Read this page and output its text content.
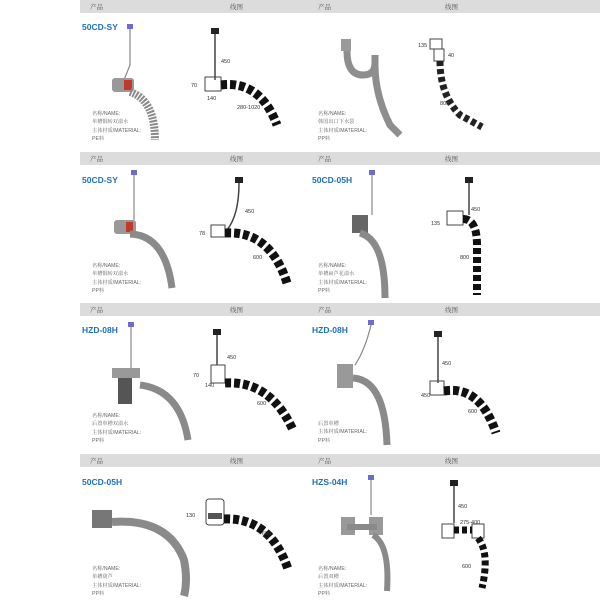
产品	线图	产品	线图
产品	线图	产品	线图
产品	线图	产品	线图
产品	线图	产品	线图
50CD-SY
名称/NAME:
单槽铜转双溢水
主体材质/MATERIAL:
PE料
450
70
140
280-1020
名称/NAME:
韩国出口下水袋
主体材质/MATERIAL:
PP料
135
40
800
50CD-SY
名称/NAME:
单槽铜转双溢水
主体材质/MATERIAL:
PP料
450
78
600
50CD-05H
名称/NAME:
单槽扁芦花溢水
主体材质/MATERIAL:
PP料
450
135
800
HZD-08H
名称/NAME:
后置单槽双溢水
主体材质/MATERIAL:
PP料
450
70
140
600
HZD-08H
后置单槽
主体材质/MATERIAL:
PP料
450
450
600
50CD-05H
名称/NAME:
单槽葫芦
主体材质/MATERIAL:
PP料
130
600
HZS-04H
名称/NAME:
后置双槽
主体材质/MATERIAL:
PP料
450
275-400
600
